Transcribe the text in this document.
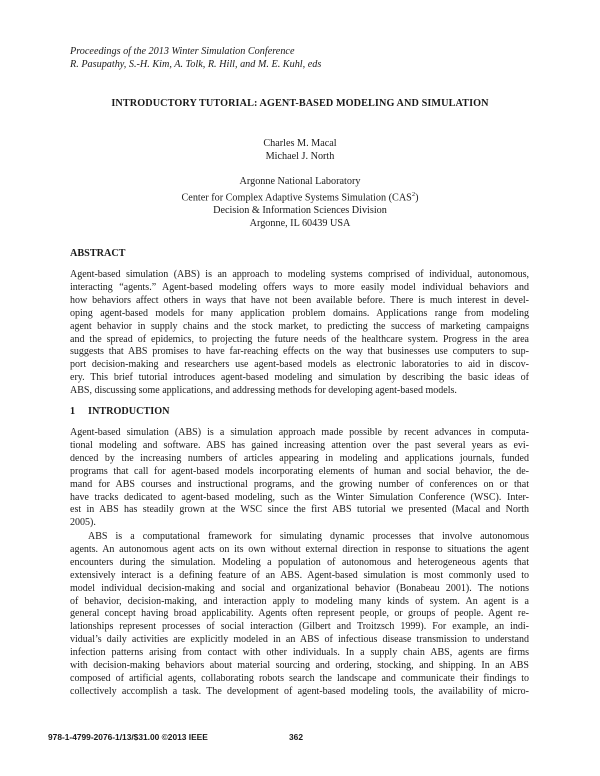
Proceedings of the 2013 Winter Simulation Conference
R. Pasupathy, S.-H. Kim, A. Tolk, R. Hill, and M. E. Kuhl, eds
INTRODUCTORY TUTORIAL: AGENT-BASED MODELING AND SIMULATION
Charles M. Macal
Michael J. North
Argonne National Laboratory
Center for Complex Adaptive Systems Simulation (CAS$^2$)
Decision & Information Sciences Division
Argonne, IL 60439 USA
ABSTRACT
Agent-based simulation (ABS) is an approach to modeling systems comprised of individual, autonomous,
interacting “agents.” Agent-based modeling offers ways to more easily model individual behaviors and
how behaviors affect others in ways that have not been available before. There is much interest in devel-
oping agent-based models for many application problem domains. Applications range from modeling
agent behavior in supply chains and the stock market, to predicting the success of marketing campaigns
and the spread of epidemics, to projecting the future needs of the healthcare system. Progress in the area
suggests that ABS promises to have far-reaching effects on the way that businesses use computers to sup-
port decision-making and researchers use agent-based models as electronic laboratories to aid in discov-
ery. This brief tutorial introduces agent-based modeling and simulation by describing the basic ideas of
ABS, discussing some applications, and addressing methods for developing agent-based models.
1 INTRODUCTION
Agent-based simulation (ABS) is a simulation approach made possible by recent advances in computa-
tional modeling and software. ABS has gained increasing attention over the past several years as evi-
denced by the increasing numbers of articles appearing in modeling and applications journals, funded
programs that call for agent-based models incorporating elements of human and social behavior, the de-
mand for ABS courses and instructional programs, and the growing number of conferences on or that
have tracks dedicated to agent-based modeling, such as the Winter Simulation Conference (WSC). Inter-
est in ABS has steadily grown at the WSC since the first ABS tutorial we presented (Macal and North
2005).
ABS is a computational framework for simulating dynamic processes that involve autonomous
agents. An autonomous agent acts on its own without external direction in response to situations the agent
encounters during the simulation. Modeling a population of autonomous and heterogeneous agents that
extensively interact is a defining feature of an ABS. Agent-based simulation is most commonly used to
model individual decision-making and social and organizational behavior (Bonabeau 2001). The notions
of behavior, decision-making, and interaction apply to modeling many kinds of system. An agent is a
general concept having broad applicability. Agents often represent people, or groups of people. Agent re-
lationships represent processes of social interaction (Gilbert and Troitzsch 1999). For example, an indi-
vidual’s daily activities are explicitly modeled in an ABS of infectious disease transmission to understand
infection patterns arising from contact with other individuals. In a supply chain ABS, agents are firms
with decision-making behaviors about material sourcing and ordering, stocking, and shipping. In an ABS
composed of artificial agents, collaborating robots search the landscape and communicate their findings to
collectively accomplish a task. The development of agent-based modeling tools, the availability of micro-
978-1-4799-2076-1/13/$31.00 ©2013 IEEE	362
